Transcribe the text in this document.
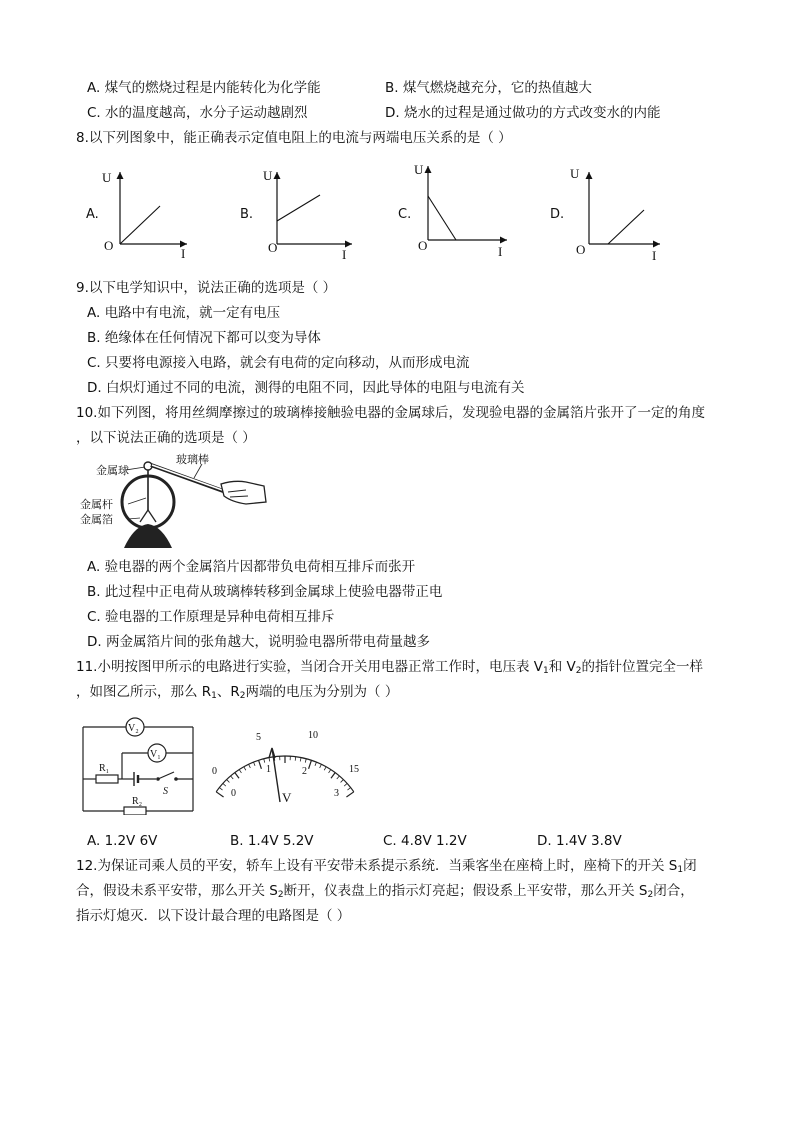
A. 煤气的燃烧过程是内能转化为化学能	B. 煤气燃烧越充分，它的热值越大
C. 水的温度越高，水分子运动越剧烈	D. 烧水的过程是通过做功的方式改变水的内能
8.以下列图象中，能正确表示定值电阻上的电流与两端电压关系的是（ ）
A.
U
O
I
B.
U
O	I
C.
U
O	I
D.
U
O	I
9.以下电学知识中，说法正确的选项是（ ）
A. 电路中有电流，就一定有电压
B. 绝缘体在任何情况下都可以变为导体
C. 只要将电源接入电路，就会有电荷的定向移动，从而形成电流
D. 白炽灯通过不同的电流，测得的电阻不同，因此导体的电阻与电流有关
10.如下列图，将用丝绸摩擦过的玻璃棒接触验电器的金属球后，发现验电器的金属箔片张开了一定的角度
，以下说法正确的选项是（ ）
金属球
玻璃棒
金属杆
金属箔
A. 验电器的两个金属箔片因都带负电荷相互排斥而张开
B. 此过程中正电荷从玻璃棒转移到金属球上使验电器带正电
C. 验电器的工作原理是异种电荷相互排斥
D. 两金属箔片间的张角越大，说明验电器所带电荷量越多
11.小明按图甲所示的电路进行实验，当闭合开关用电器正常工作时，电压表 $V_1$和 $V_2$的指针位置完全一样
，如图乙所示，那么 $R_1$、$R_2$两端的电压为分别为（ ）
V₂
V₁
R₁
S
R₂
0
5	10
15
0
1	2
3
V
A. 1.2V 6V	B. 1.4V 5.2V	C. 4.8V 1.2V	D. 1.4V 3.8V
12.为保证司乘人员的平安，轿车上设有平安带未系提示系统．当乘客坐在座椅上时，座椅下的开关 $S_1$闭
合，假设未系平安带，那么开关 $S_2$断开，仪表盘上的指示灯亮起；假设系上平安带，那么开关 $S_2$闭合，
指示灯熄灭．以下设计最合理的电路图是（ ）
